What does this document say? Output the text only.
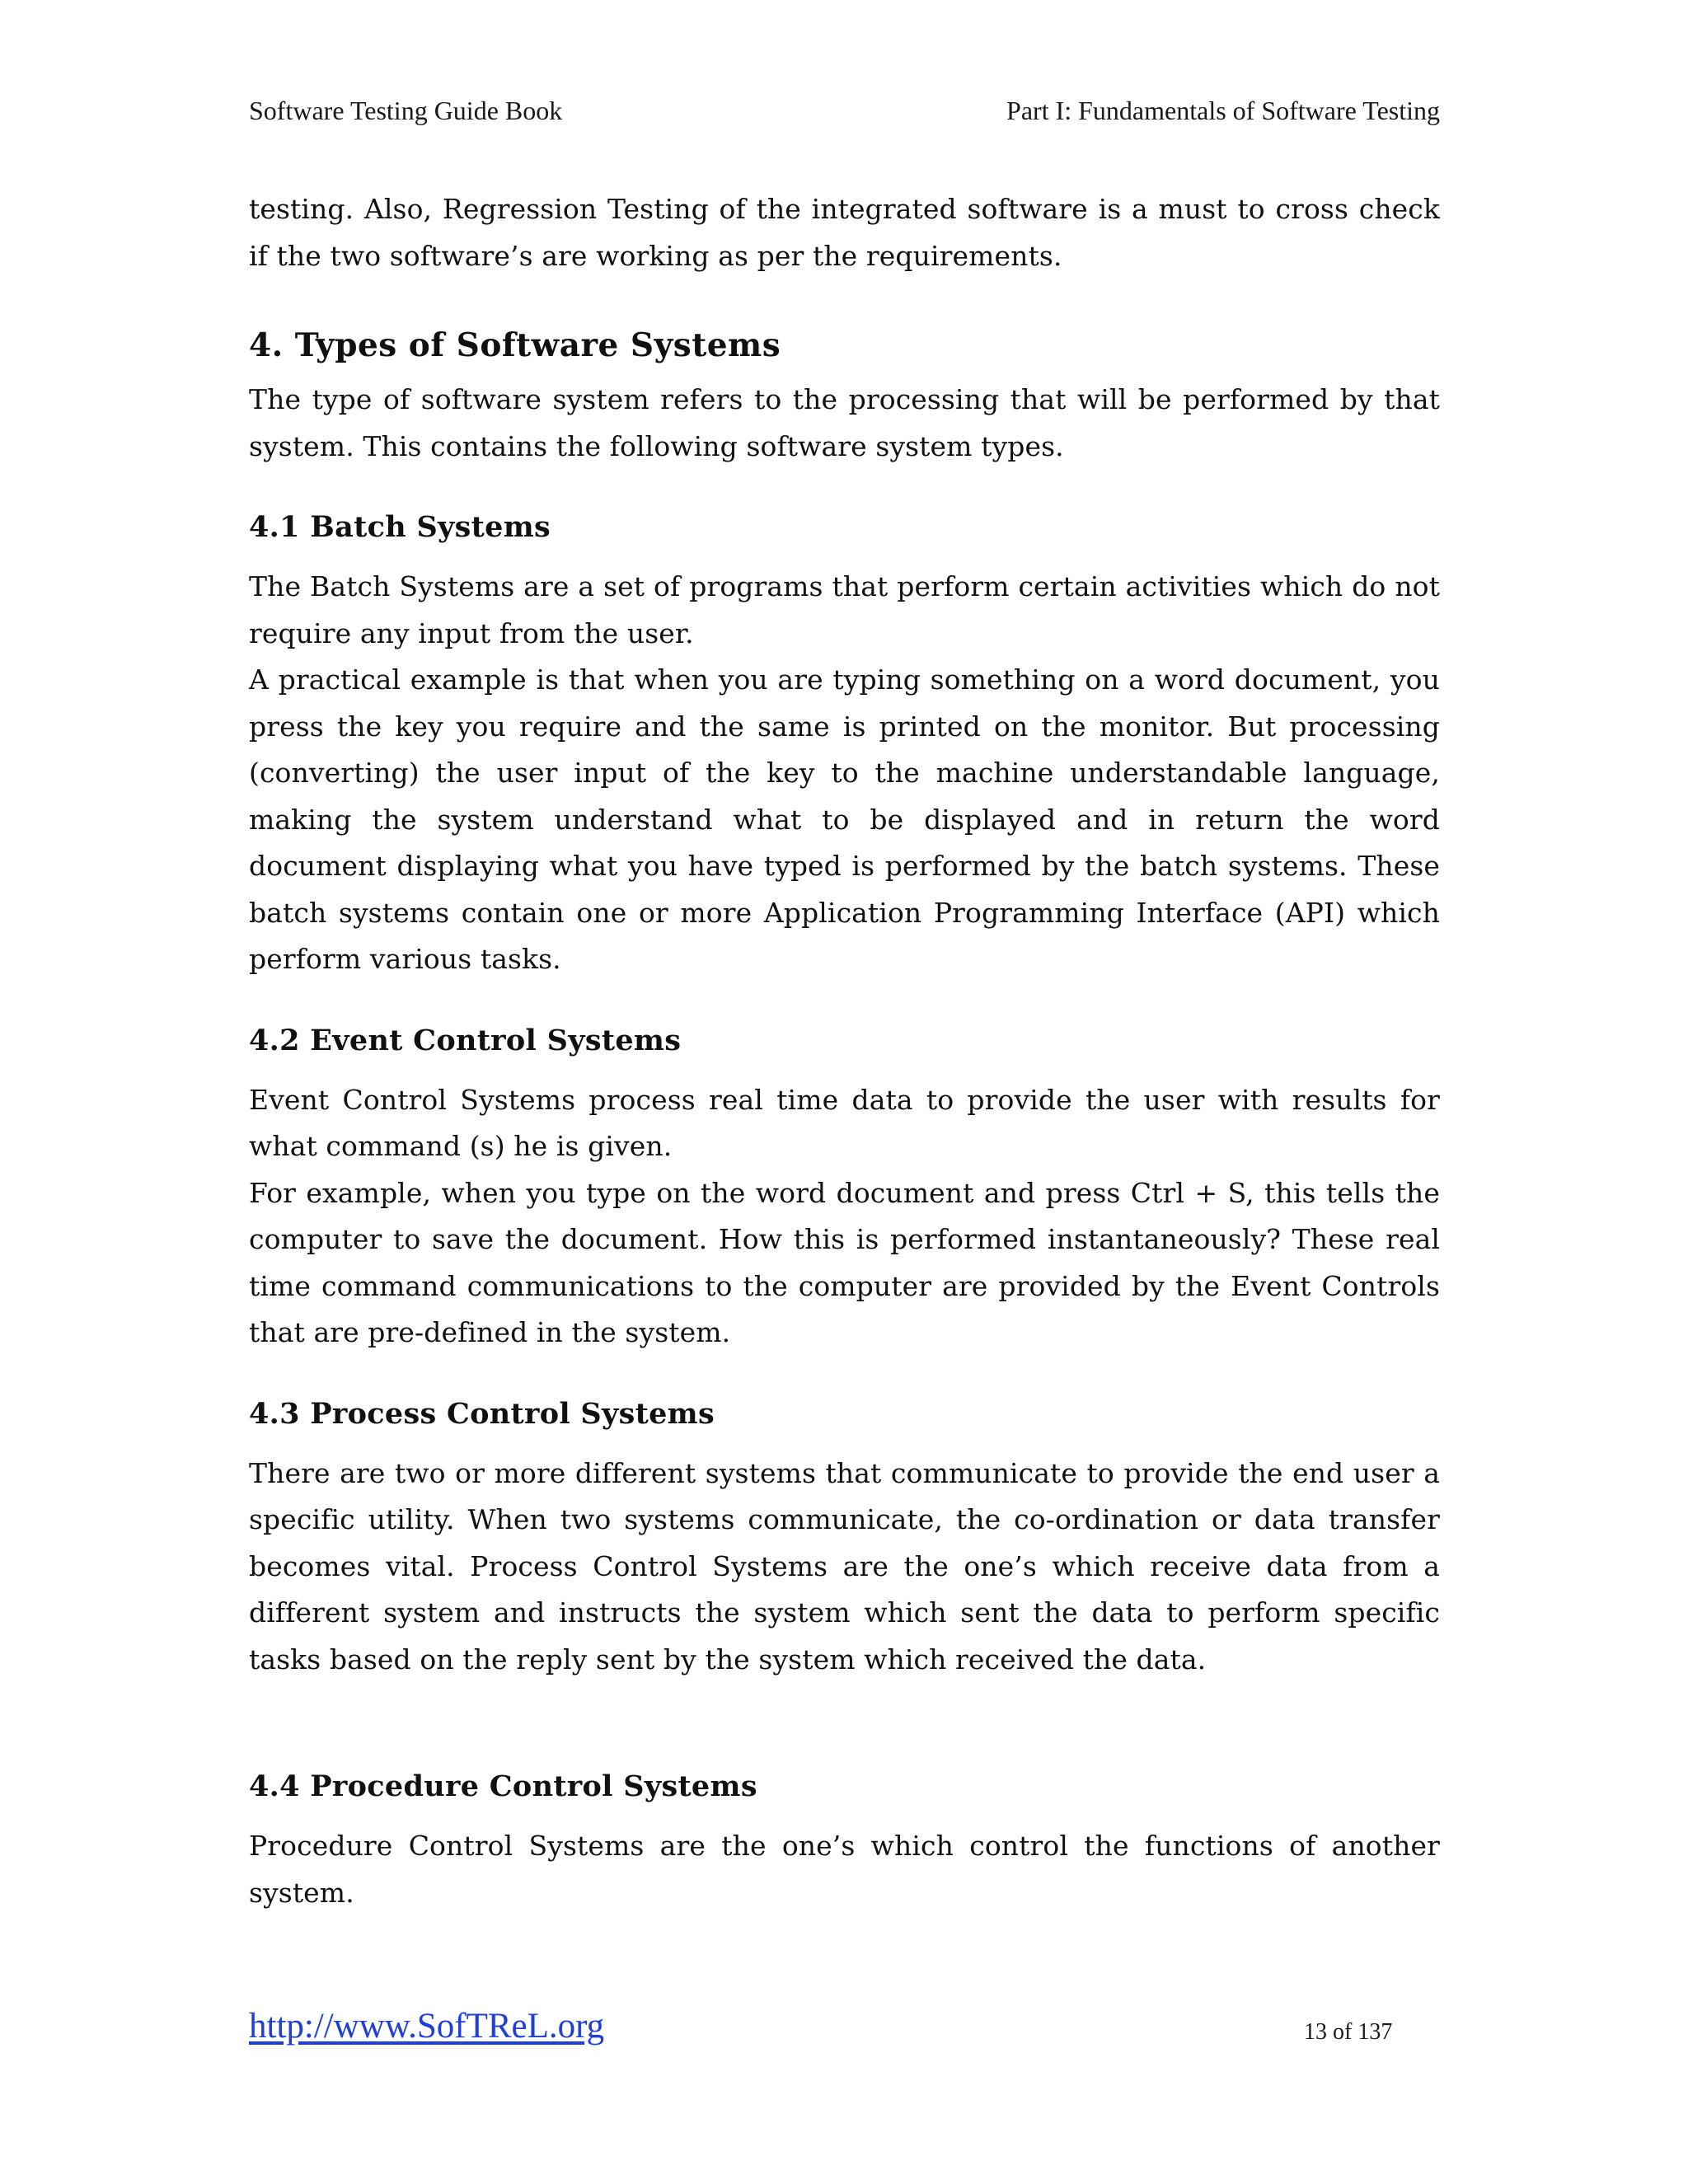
Software Testing Guide Book	Part I: Fundamentals of Software Testing

testing. Also, Regression Testing of the integrated software is a must to cross check if the two software’s are working as per the requirements.

4. Types of Software Systems

The type of software system refers to the processing that will be performed by that system. This contains the following software system types.

4.1 Batch Systems

The Batch Systems are a set of programs that perform certain activities which do not require any input from the user.

A practical example is that when you are typing something on a word document, you press the key you require and the same is printed on the monitor. But processing (converting) the user input of the key to the machine understandable language, making the system understand what to be displayed and in return the word document displaying what you have typed is performed by the batch systems. These batch systems contain one or more Application Programming Interface (API) which perform various tasks.

4.2 Event Control Systems

Event Control Systems process real time data to provide the user with results for what command (s) he is given.

For example, when you type on the word document and press Ctrl + S, this tells the computer to save the document. How this is performed instantaneously? These real time command communications to the computer are provided by the Event Controls that are pre-defined in the system.

4.3 Process Control Systems

There are two or more different systems that communicate to provide the end user a specific utility. When two systems communicate, the co-ordination or data transfer becomes vital. Process Control Systems are the one’s which receive data from a different system and instructs the system which sent the data to perform specific tasks based on the reply sent by the system which received the data.

4.4 Procedure Control Systems

Procedure Control Systems are the one’s which control the functions of another system.

http://www.SofTReL.org	13 of 137
